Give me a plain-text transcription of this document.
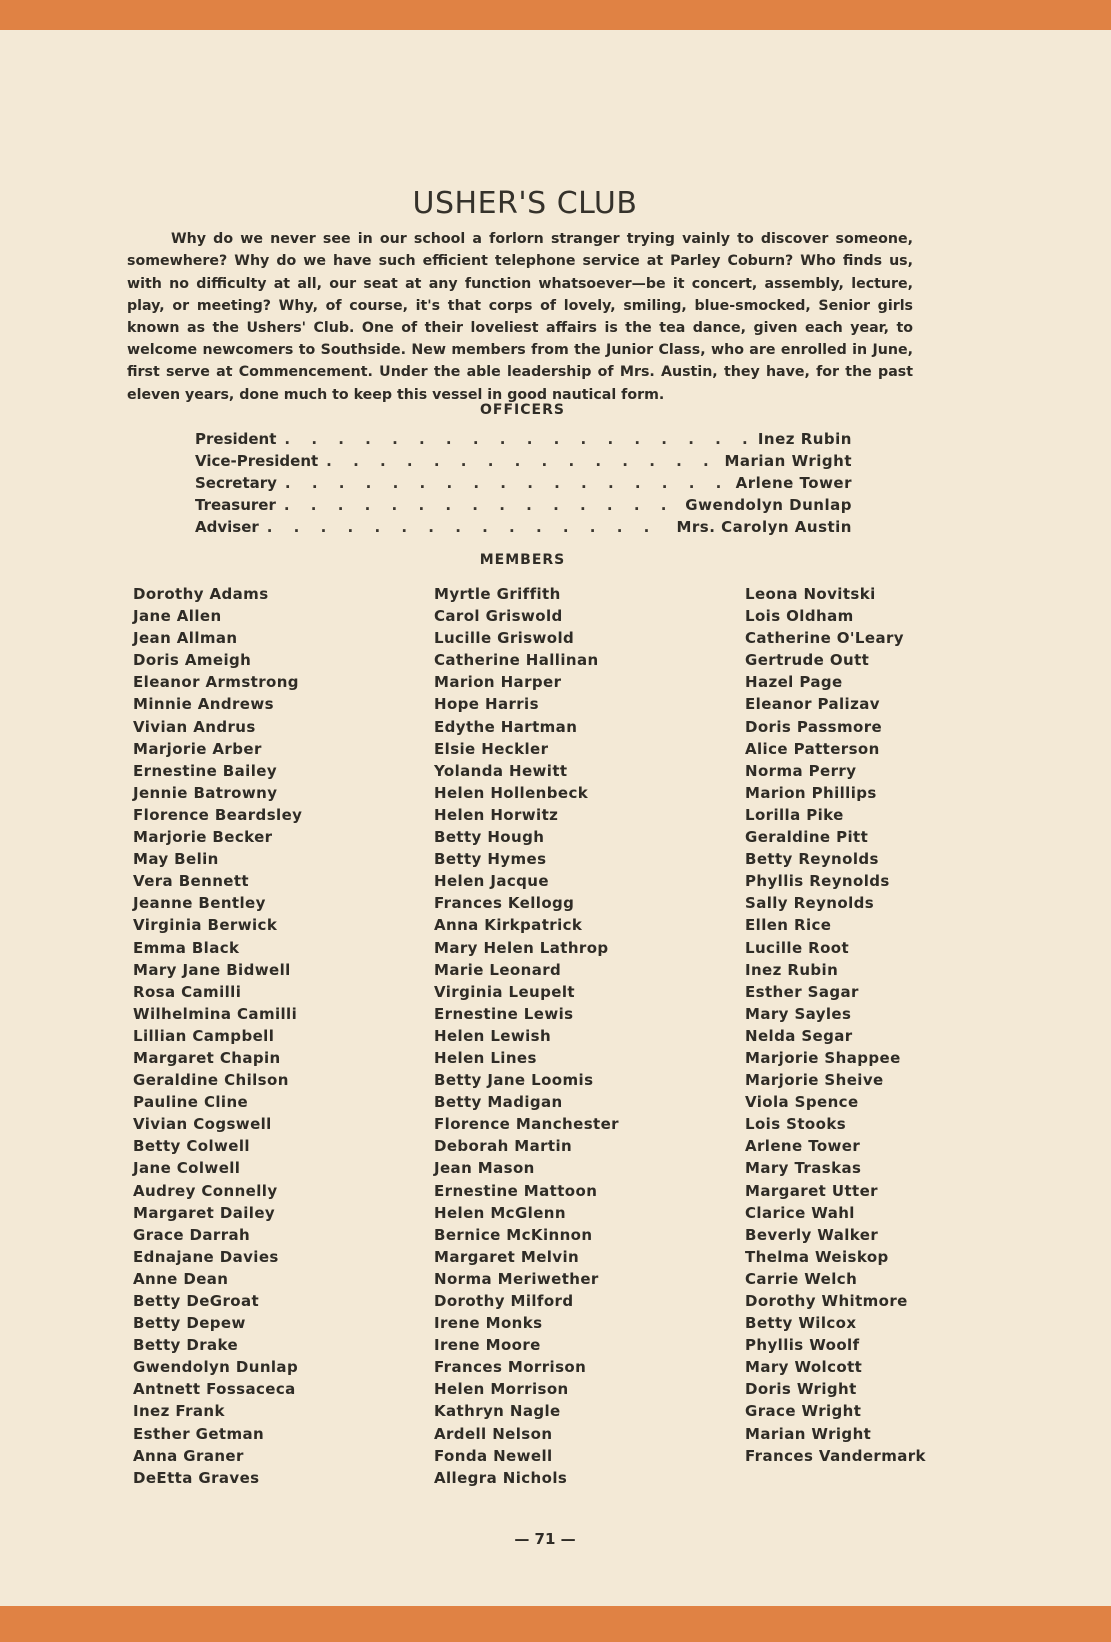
USHER'S CLUB

Why do we never see in our school a forlorn stranger trying vainly to discover someone, somewhere? Why do we have such efficient telephone service at Parley Coburn? Who finds us, with no difficulty at all, our seat at any function whatsoever—be it concert, assembly, lecture, play, or meeting? Why, of course, it's that corps of lovely, smiling, blue-smocked, Senior girls known as the Ushers' Club. One of their loveliest affairs is the tea dance, given each year, to welcome newcomers to Southside. New members from the Junior Class, who are enrolled in June, first serve at Commencement. Under the able leadership of Mrs. Austin, they have, for the past eleven years, done much to keep this vessel in good nautical form.

OFFICERS
President . . .	Inez Rubin
Vice-President . . .	Marian Wright
Secretary . . .	Arlene Tower
Treasurer . . .	Gwendolyn Dunlap
Adviser . . .	Mrs. Carolyn Austin
MEMBERS
Dorothy Adams
Jane Allen
Jean Allman
Doris Ameigh
Eleanor Armstrong
Minnie Andrews
Vivian Andrus
Marjorie Arber
Ernestine Bailey
Jennie Batrowny
Florence Beardsley
Marjorie Becker
May Belin
Vera Bennett
Jeanne Bentley
Virginia Berwick
Emma Black
Mary Jane Bidwell
Rosa Camilli
Wilhelmina Camilli
Lillian Campbell
Margaret Chapin
Geraldine Chilson
Pauline Cline
Vivian Cogswell
Betty Colwell
Jane Colwell
Audrey Connelly
Margaret Dailey
Grace Darrah
Ednajane Davies
Anne Dean
Betty DeGroat
Betty Depew
Betty Drake
Gwendolyn Dunlap
Antnett Fossaceca
Inez Frank
Esther Getman
Anna Graner
DeEtta Graves
Myrtle Griffith
Carol Griswold
Lucille Griswold
Catherine Hallinan
Marion Harper
Hope Harris
Edythe Hartman
Elsie Heckler
Yolanda Hewitt
Helen Hollenbeck
Helen Horwitz
Betty Hough
Betty Hymes
Helen Jacque
Frances Kellogg
Anna Kirkpatrick
Mary Helen Lathrop
Marie Leonard
Virginia Leupelt
Ernestine Lewis
Helen Lewish
Helen Lines
Betty Jane Loomis
Betty Madigan
Florence Manchester
Deborah Martin
Jean Mason
Ernestine Mattoon
Helen McGlenn
Bernice McKinnon
Margaret Melvin
Norma Meriwether
Dorothy Milford
Irene Monks
Irene Moore
Frances Morrison
Helen Morrison
Kathryn Nagle
Ardell Nelson
Fonda Newell
Allegra Nichols
Leona Novitski
Lois Oldham
Catherine O'Leary
Gertrude Outt
Hazel Page
Eleanor Palizav
Doris Passmore
Alice Patterson
Norma Perry
Marion Phillips
Lorilla Pike
Geraldine Pitt
Betty Reynolds
Phyllis Reynolds
Sally Reynolds
Ellen Rice
Lucille Root
Inez Rubin
Esther Sagar
Mary Sayles
Nelda Segar
Marjorie Shappee
Marjorie Sheive
Viola Spence
Lois Stooks
Arlene Tower
Mary Traskas
Margaret Utter
Clarice Wahl
Beverly Walker
Thelma Weiskop
Carrie Welch
Dorothy Whitmore
Betty Wilcox
Phyllis Woolf
Mary Wolcott
Doris Wright
Grace Wright
Marian Wright
Frances Vandermark
— 71 —
